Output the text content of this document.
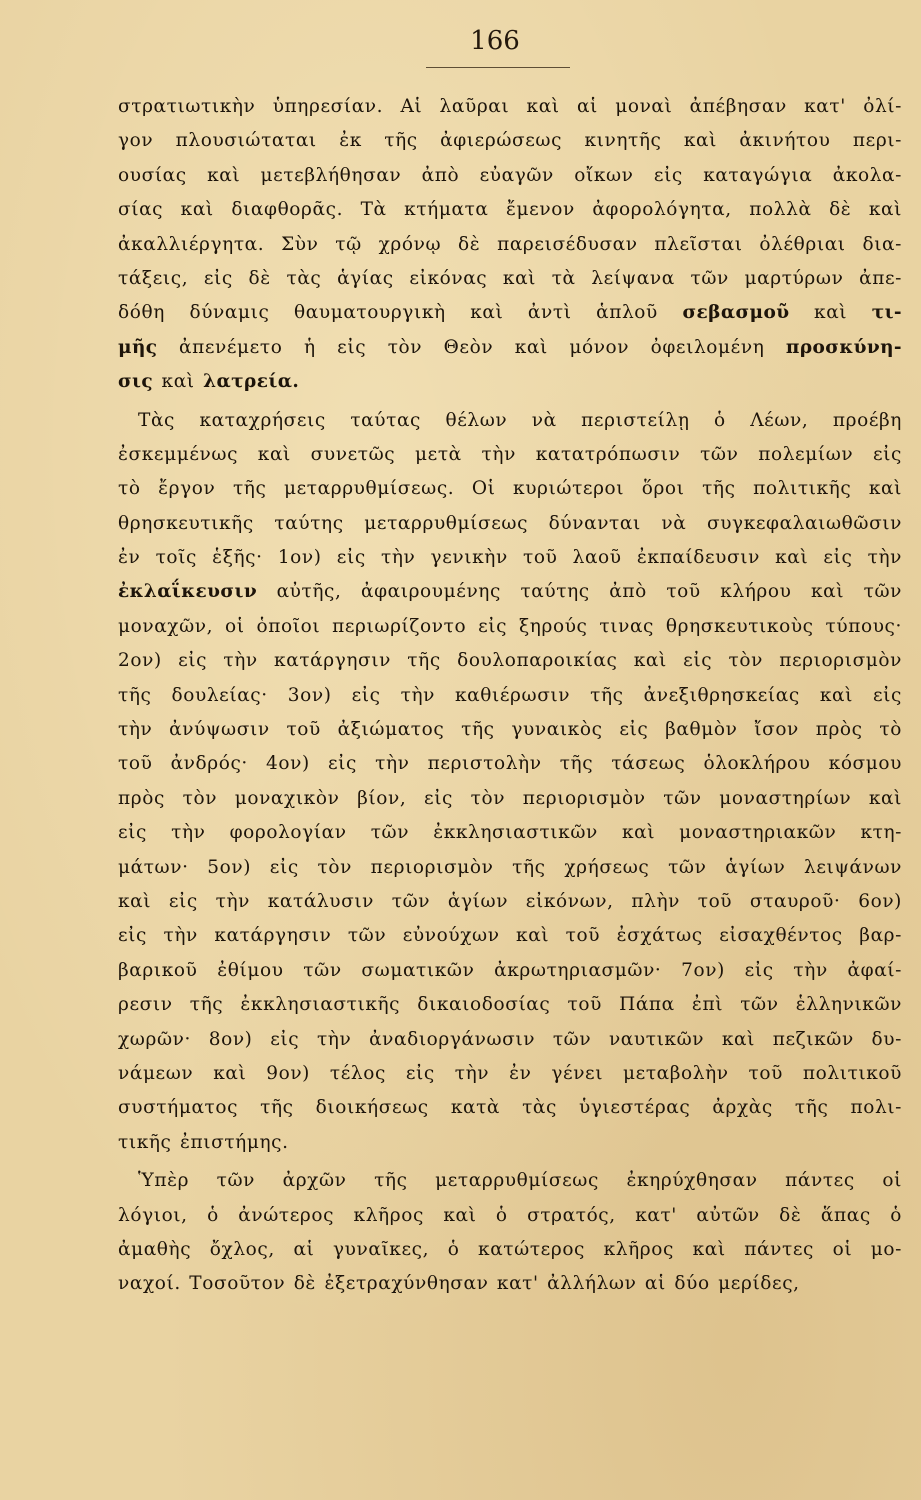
166
στρατιωτικὴν ὑπηρεσίαν. Αἱ λαῦραι καὶ αἱ μοναὶ ἀπέβησαν κατ' ὀλί-
γον πλουσιώταται ἐκ τῆς ἀφιερώσεως κινητῆς καὶ ἀκινήτου περι-
ουσίας καὶ μετεβλήθησαν ἀπὸ εὐαγῶν οἴκων εἰς καταγώγια ἀκολα-
σίας καὶ διαφθορᾶς. Τὰ κτήματα ἔμενον ἀφορολόγητα, πολλὰ δὲ καὶ
ἀκαλλιέργητα. Σὺν τῷ χρόνῳ δὲ παρεισέδυσαν πλεῖσται ὀλέθριαι δια-
τάξεις, εἰς δὲ τὰς ἁγίας εἰκόνας καὶ τὰ λείψανα τῶν μαρτύρων ἀπε-
δόθη δύναμις θαυματουργικὴ καὶ ἀντὶ ἁπλοῦ σεβασμοῦ καὶ τι-
μῆς ἀπενέμετο ἡ εἰς τὸν Θεὸν καὶ μόνον ὀφειλομένη προσκύνη-
σις καὶ λατρεία.
Τὰς καταχρήσεις ταύτας θέλων νὰ περιστείλῃ ὁ Λέων, προέβη
ἐσκεμμένως καὶ συνετῶς μετὰ τὴν κατατρόπωσιν τῶν πολεμίων εἰς
τὸ ἔργον τῆς μεταρρυθμίσεως. Οἱ κυριώτεροι ὅροι τῆς πολιτικῆς καὶ
θρησκευτικῆς ταύτης μεταρρυθμίσεως δύνανται νὰ συγκεφαλαιωθῶσιν
ἐν τοῖς ἑξῆς· 1ον) εἰς τὴν γενικὴν τοῦ λαοῦ ἐκπαίδευσιν καὶ εἰς τὴν
ἐκλαΐκευσιν αὐτῆς, ἀφαιρουμένης ταύτης ἀπὸ τοῦ κλήρου καὶ τῶν
μοναχῶν, οἱ ὁποῖοι περιωρίζοντο εἰς ξηρούς τινας θρησκευτικοὺς τύπους·
2ον) εἰς τὴν κατάργησιν τῆς δουλοπαροικίας καὶ εἰς τὸν περιορισμὸν
τῆς δουλείας· 3ον) εἰς τὴν καθιέρωσιν τῆς ἀνεξιθρησκείας καὶ εἰς
τὴν ἀνύψωσιν τοῦ ἀξιώματος τῆς γυναικὸς εἰς βαθμὸν ἴσον πρὸς τὸ
τοῦ ἀνδρός· 4ον) εἰς τὴν περιστολὴν τῆς τάσεως ὁλοκλήρου κόσμου
πρὸς τὸν μοναχικὸν βίον, εἰς τὸν περιορισμὸν τῶν μοναστηρίων καὶ
εἰς τὴν φορολογίαν τῶν ἐκκλησιαστικῶν καὶ μοναστηριακῶν κτη-
μάτων· 5ον) εἰς τὸν περιορισμὸν τῆς χρήσεως τῶν ἁγίων λειψάνων
καὶ εἰς τὴν κατάλυσιν τῶν ἁγίων εἰκόνων, πλὴν τοῦ σταυροῦ· 6ον)
εἰς τὴν κατάργησιν τῶν εὐνούχων καὶ τοῦ ἐσχάτως εἰσαχθέντος βαρ-
βαρικοῦ ἐθίμου τῶν σωματικῶν ἀκρωτηριασμῶν· 7ον) εἰς τὴν ἀφαί-
ρεσιν τῆς ἐκκλησιαστικῆς δικαιοδοσίας τοῦ Πάπα ἐπὶ τῶν ἑλληνικῶν
χωρῶν· 8ον) εἰς τὴν ἀναδιοργάνωσιν τῶν ναυτικῶν καὶ πεζικῶν δυ-
νάμεων καὶ 9ον) τέλος εἰς τὴν ἐν γένει μεταβολὴν τοῦ πολιτικοῦ
συστήματος τῆς διοικήσεως κατὰ τὰς ὑγιεστέρας ἀρχὰς τῆς πολι-
τικῆς ἐπιστήμης.
Ὑπὲρ τῶν ἀρχῶν τῆς μεταρρυθμίσεως ἐκηρύχθησαν πάντες οἱ
λόγιοι, ὁ ἀνώτερος κλῆρος καὶ ὁ στρατός, κατ' αὐτῶν δὲ ἅπας ὁ
ἀμαθὴς ὄχλος, αἱ γυναῖκες, ὁ κατώτερος κλῆρος καὶ πάντες οἱ μο-
ναχοί. Τοσοῦτον δὲ ἐξετραχύνθησαν κατ' ἀλλήλων αἱ δύο μερίδες,
